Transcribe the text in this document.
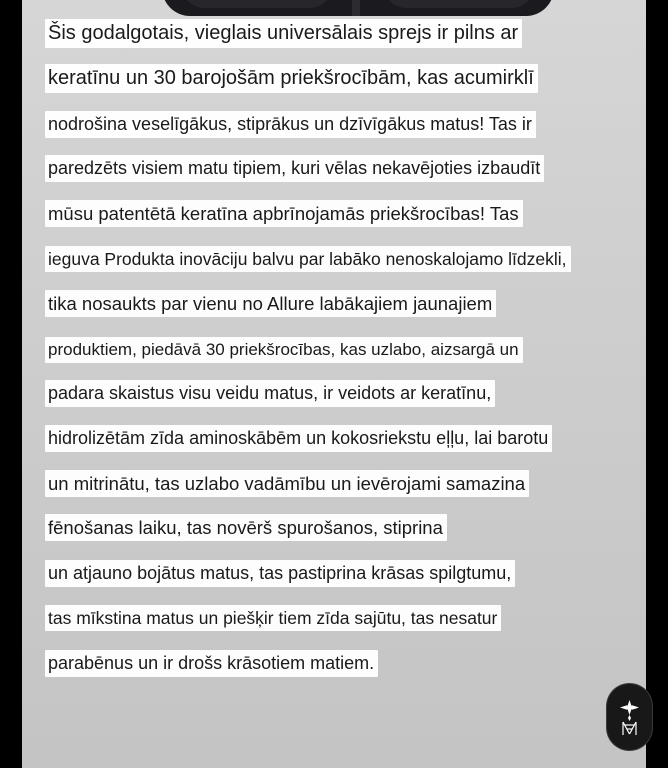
Šis godalgotais, vieglais universālais sprejs ir pilns ar
keratīnu un 30 barojošām priekšrocībām, kas acumirklī
nodrošina veselīgākus, stiprākus un dzīvīgākus matus! Tas ir
paredzēts visiem matu tipiem, kuri vēlas nekavējoties izbaudīt
mūsu patentētā keratīna apbrīnojamās priekšrocības! Tas
ieguva Produkta inovāciju balvu par labāko nenoskalojamo līdzekli,
tika nosaukts par vienu no Allure labākajiem jaunajiem
produktiem, piedāvā 30 priekšrocības, kas uzlabo, aizsargā un
padara skaistus visu veidu matus, ir veidots ar keratīnu,
hidrolizētām zīda aminoskābēm un kokosriekstu eļļu, lai barotu
un mitrinātu, tas uzlabo vadāmību un ievērojami samazina
fēnošanas laiku, tas novērš spurošanos, stiprina
un atjauno bojātus matus, tas pastiprina krāsas spilgtumu,
tas mīkstina matus un piešķir tiem zīda sajūtu, tas nesatur
parabēnus un ir drošs krāsotiem matiem.
